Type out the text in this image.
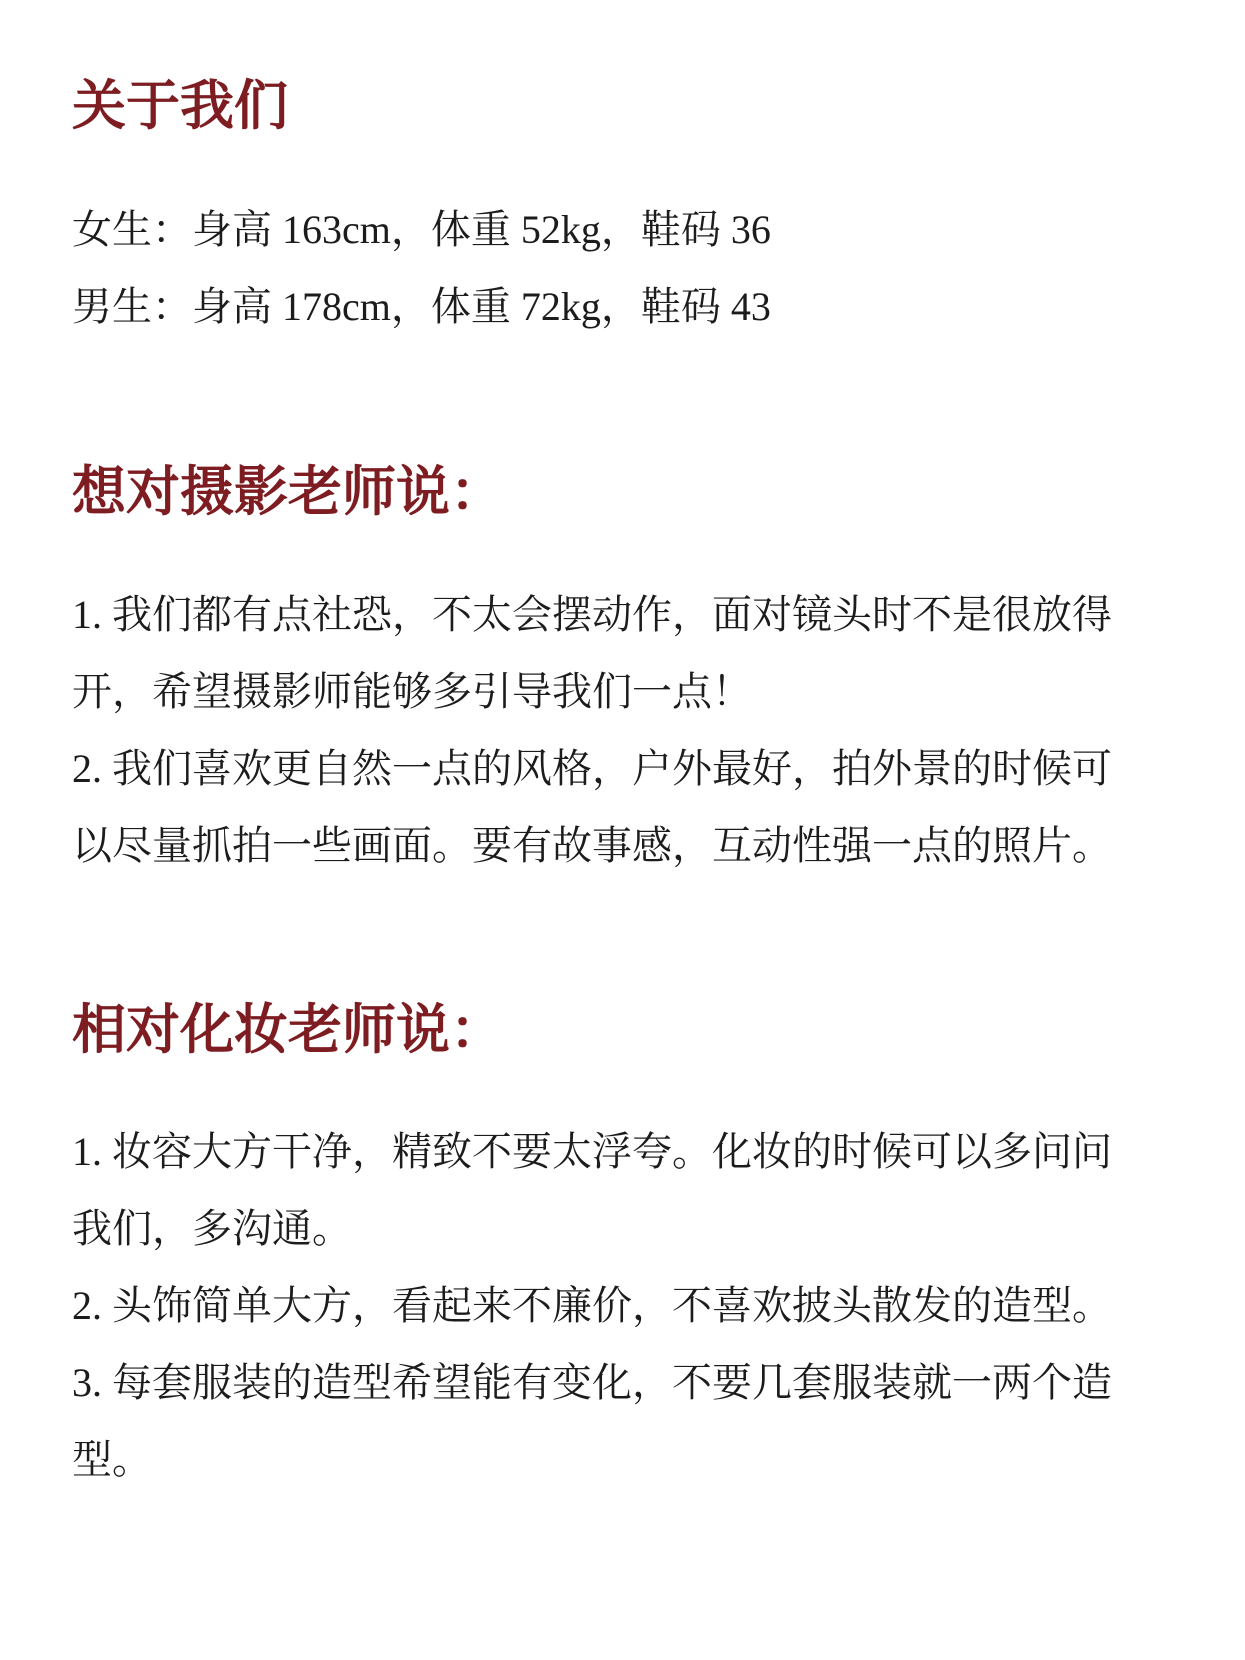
关于我们

女生：身高 163cm，体重 52kg，鞋码 36

男生：身高 178cm，体重 72kg，鞋码 43

想对摄影老师说：

1. 我们都有点社恐，不太会摆动作，面对镜头时不是很放得

开，希望摄影师能够多引导我们一点！

2. 我们喜欢更自然一点的风格，户外最好，拍外景的时候可

以尽量抓拍一些画面。要有故事感，互动性强一点的照片。

相对化妆老师说：

1. 妆容大方干净，精致不要太浮夸。化妆的时候可以多问问

我们，多沟通。

2. 头饰简单大方，看起来不廉价，不喜欢披头散发的造型。

3. 每套服装的造型希望能有变化，不要几套服装就一两个造

型。
